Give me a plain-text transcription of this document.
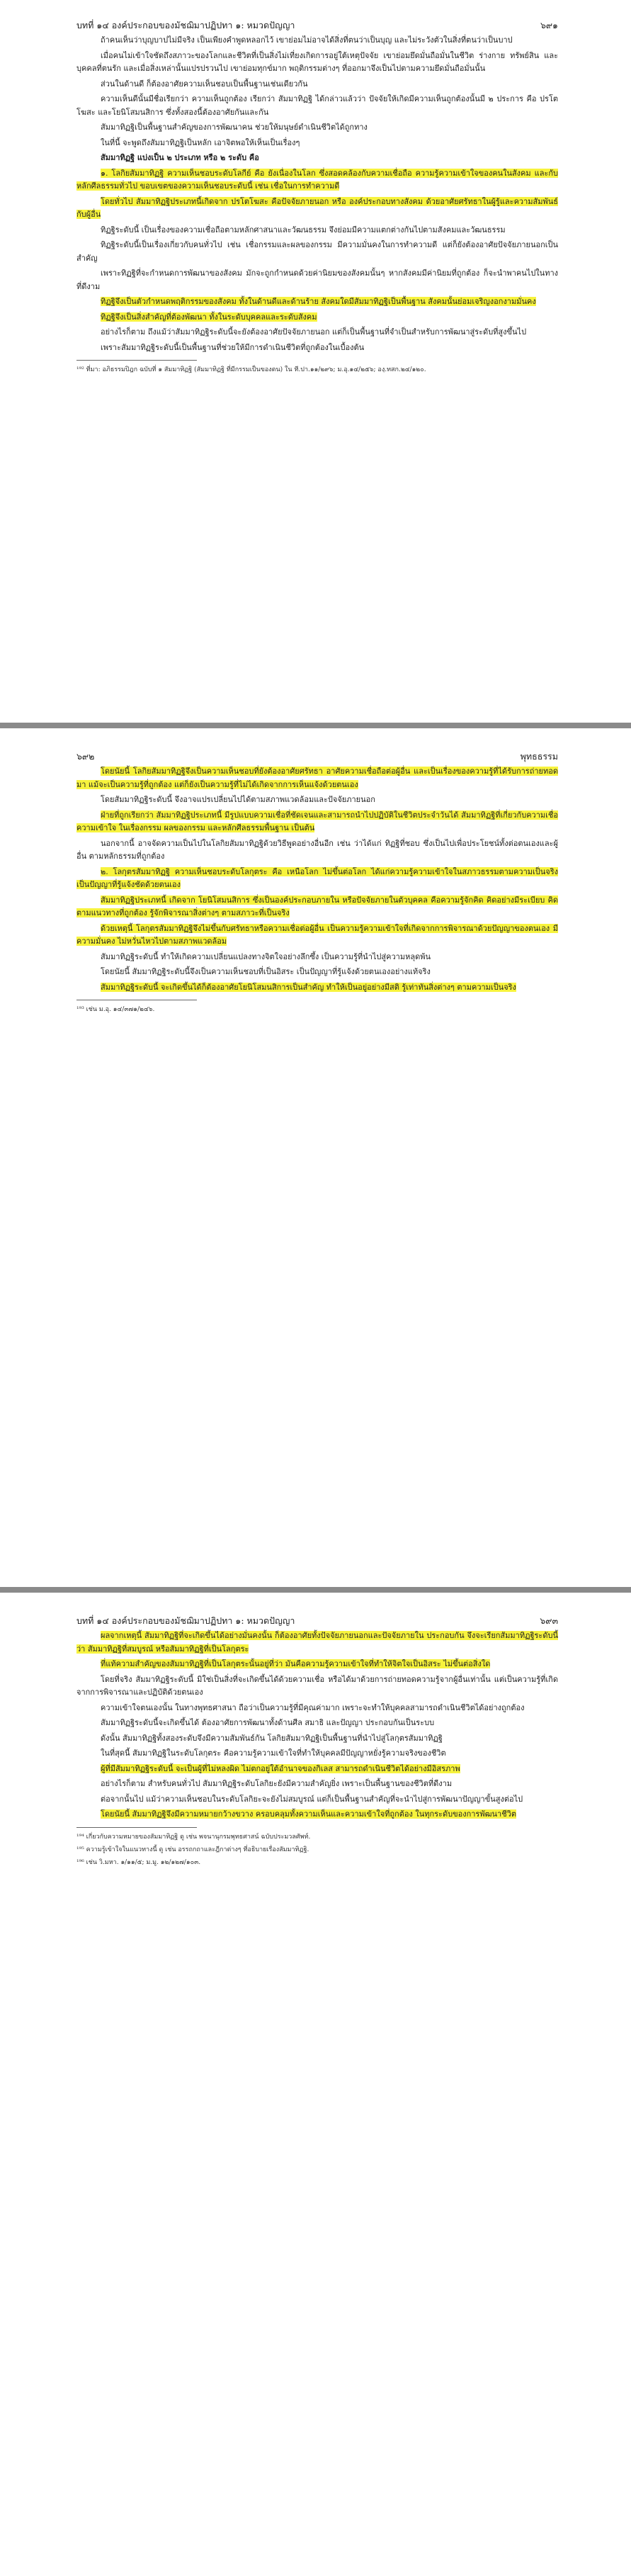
บทที่ ๑๔ องค์ประกอบของมัชฌิมาปฏิปทา ๑: หมวดปัญญา	๖๙๑

ถ้าคนเห็นว่าบุญบาปไม่มีจริง เป็นเพียงคำพูดหลอกไว้ เขาย่อมไม่อาจได้สิ่งที่ตนว่าเป็นบุญ และไม่ระวังตัวในสิ่งที่ตนว่าเป็นบาป

เมื่อคนไม่เข้าใจชัดถึงสภาวะของโลกและชีวิตที่เป็นสิ่งไม่เที่ยงเกิดการอยู่ใต้เหตุปัจจัย เขาย่อมยึดมั่นถือมั่นในชีวิต ร่างกาย ทรัพย์สิน และบุคคลที่ตนรัก และเมื่อสิ่งเหล่านั้นแปรปรวนไป เขาย่อมทุกข์มาก พฤติกรรมต่างๆ ที่ออกมาจึงเป็นไปตามความยึดมั่นถือมั่นนั้น

ส่วนในด้านดี ก็ต้องอาศัยความเห็นชอบเป็นพื้นฐานเช่นเดียวกัน

ความเห็นดีนั้นมีชื่อเรียกว่า ความเห็นถูกต้อง เรียกว่า สัมมาทิฏฐิ ได้กล่าวแล้วว่า ปัจจัยให้เกิดมีความเห็นถูกต้องนั้นมี ๒ ประการ คือ ปรโตโฆสะ และโยนิโสมนสิการ ซึ่งทั้งสองนี้ต้องอาศัยกันและกัน

สัมมาทิฏฐิเป็นพื้นฐานสำคัญของการพัฒนาคน ช่วยให้มนุษย์ดำเนินชีวิตได้ถูกทาง

ในที่นี้ จะพูดถึงสัมมาทิฏฐิเป็นหลัก เอาจิตพอให้เห็นเป็นเรื่องๆ

สัมมาทิฏฐิ แบ่งเป็น ๒ ประเภท หรือ ๒ ระดับ คือ

๑. โลกิยสัมมาทิฏฐิ ความเห็นชอบระดับโลกีย์ คือ ยังเนื่องในโลก ซึ่งสอดคล้องกับความเชื่อถือ ความรู้ความเข้าใจของคนในสังคม และกับหลักศีลธรรมทั่วไป ขอบเขตของความเห็นชอบระดับนี้ เช่น เชื่อในการทำความดี

โดยทั่วไป สัมมาทิฏฐิประเภทนี้เกิดจาก ปรโตโฆสะ คือปัจจัยภายนอก หรือ องค์ประกอบทางสังคม ด้วยอาศัยศรัทธาในผู้รู้และความสัมพันธ์กับผู้อื่น

ทิฏฐิระดับนี้ เป็นเรื่องของความเชื่อถือตามหลักศาสนาและวัฒนธรรม จึงย่อมมีความแตกต่างกันไปตามสังคมและวัฒนธรรม

ทิฏฐิระดับนี้เป็นเรื่องเกี่ยวกับคนทั่วไป เช่น เชื่อกรรมและผลของกรรม มีความมั่นคงในการทำความดี แต่ก็ยังต้องอาศัยปัจจัยภายนอกเป็นสำคัญ

เพราะทิฏฐิที่จะกำหนดการพัฒนาของสังคม มักจะถูกกำหนดด้วยค่านิยมของสังคมนั้นๆ หากสังคมมีค่านิยมที่ถูกต้อง ก็จะนำพาคนไปในทางที่ดีงาม

ทิฏฐิจึงเป็นตัวกำหนดพฤติกรรมของสังคม ทั้งในด้านดีและด้านร้าย สังคมใดมีสัมมาทิฏฐิเป็นพื้นฐาน สังคมนั้นย่อมเจริญงอกงามมั่นคง

ทิฏฐิจึงเป็นสิ่งสำคัญที่ต้องพัฒนา ทั้งในระดับบุคคลและระดับสังคม

อย่างไรก็ตาม ถึงแม้ว่าสัมมาทิฏฐิระดับนี้จะยังต้องอาศัยปัจจัยภายนอก แต่ก็เป็นพื้นฐานที่จำเป็นสำหรับการพัฒนาสู่ระดับที่สูงขึ้นไป

เพราะสัมมาทิฏฐิระดับนี้เป็นพื้นฐานที่ช่วยให้มีการดำเนินชีวิตที่ถูกต้องในเบื้องต้น

¹⁹² ที่มา: อภิธรรมปิฎก ฉบับที่ ๑ สัมมาทิฏฐิ (สัมมาทิฏฐิ ที่มีกรรมเป็นของตน) ใน ที.ปา.๑๑/๒๙๖; ม.อุ.๑๔/๒๕๖; องฺ.ทสก.๒๔/๑๒๐.

๖๙๒	พุทธธรรม

โดยนัยนี้ โลกิยสัมมาทิฏฐิจึงเป็นความเห็นชอบที่ยังต้องอาศัยศรัทธา อาศัยความเชื่อถือต่อผู้อื่น และเป็นเรื่องของความรู้ที่ได้รับการถ่ายทอดมา แม้จะเป็นความรู้ที่ถูกต้อง แต่ก็ยังเป็นความรู้ที่ไม่ได้เกิดจากการเห็นแจ้งด้วยตนเอง

โดยสัมมาทิฏฐิระดับนี้ จึงอาจแปรเปลี่ยนไปได้ตามสภาพแวดล้อมและปัจจัยภายนอก

ฝ่ายที่ถูกเรียกว่า สัมมาทิฏฐิประเภทนี้ มีรูปแบบความเชื่อที่ชัดเจนและสามารถนำไปปฏิบัติในชีวิตประจำวันได้ สัมมาทิฏฐิที่เกี่ยวกับความเชื่อ ความเข้าใจ ในเรื่องกรรม ผลของกรรม และหลักศีลธรรมพื้นฐาน เป็นต้น

นอกจากนี้ อาจจัดความเป็นไปในโลกิยสัมมาทิฏฐิด้วยวิธีพูดอย่างอื่นอีก เช่น ว่าได้แก่ ทิฏฐิที่ชอบ ซึ่งเป็นไปเพื่อประโยชน์ทั้งต่อตนเองและผู้อื่น ตามหลักธรรมที่ถูกต้อง

๒. โลกุตรสัมมาทิฏฐิ ความเห็นชอบระดับโลกุตระ คือ เหนือโลก ไม่ขึ้นต่อโลก ได้แก่ความรู้ความเข้าใจในสภาวธรรมตามความเป็นจริง เป็นปัญญาที่รู้แจ้งชัดด้วยตนเอง

สัมมาทิฏฐิประเภทนี้ เกิดจาก โยนิโสมนสิการ ซึ่งเป็นองค์ประกอบภายใน หรือปัจจัยภายในตัวบุคคล คือความรู้จักคิด คิดอย่างมีระเบียบ คิดตามแนวทางที่ถูกต้อง รู้จักพิจารณาสิ่งต่างๆ ตามสภาวะที่เป็นจริง

ด้วยเหตุนี้ โลกุตรสัมมาทิฏฐิจึงไม่ขึ้นกับศรัทธาหรือความเชื่อต่อผู้อื่น เป็นความรู้ความเข้าใจที่เกิดจากการพิจารณาด้วยปัญญาของตนเอง มีความมั่นคง ไม่หวั่นไหวไปตามสภาพแวดล้อม

สัมมาทิฏฐิระดับนี้ ทำให้เกิดความเปลี่ยนแปลงทางจิตใจอย่างลึกซึ้ง เป็นความรู้ที่นำไปสู่ความหลุดพ้น

โดยนัยนี้ สัมมาทิฏฐิระดับนี้จึงเป็นความเห็นชอบที่เป็นอิสระ เป็นปัญญาที่รู้แจ้งด้วยตนเองอย่างแท้จริง

สัมมาทิฏฐิระดับนี้ จะเกิดขึ้นได้ก็ต้องอาศัยโยนิโสมนสิการเป็นสำคัญ ทำให้เป็นอยู่อย่างมีสติ รู้เท่าทันสิ่งต่างๆ ตามความเป็นจริง

¹⁹³ เช่น ม.อุ. ๑๔/๓๗๑/๒๔๖.

บทที่ ๑๔ องค์ประกอบของมัชฌิมาปฏิปทา ๑: หมวดปัญญา	๖๙๓

ผลจากเหตุนี้ สัมมาทิฏฐิที่จะเกิดขึ้นได้อย่างมั่นคงนั้น ก็ต้องอาศัยทั้งปัจจัยภายนอกและปัจจัยภายใน ประกอบกัน จึงจะเรียกสัมมาทิฏฐิระดับนี้ว่า สัมมาทิฏฐิที่สมบูรณ์ หรือสัมมาทิฏฐิที่เป็นโลกุตระ

ที่แท้ความสำคัญของสัมมาทิฏฐิที่เป็นโลกุตระนั้นอยู่ที่ว่า มันคือความรู้ความเข้าใจที่ทำให้จิตใจเป็นอิสระ ไม่ขึ้นต่อสิ่งใด

โดยที่จริง สัมมาทิฏฐิระดับนี้ มิใช่เป็นสิ่งที่จะเกิดขึ้นได้ด้วยความเชื่อ หรือได้มาด้วยการถ่ายทอดความรู้จากผู้อื่นเท่านั้น แต่เป็นความรู้ที่เกิดจากการพิจารณาและปฏิบัติด้วยตนเอง

ความเข้าใจตนเองนั้น ในทางพุทธศาสนา ถือว่าเป็นความรู้ที่มีคุณค่ามาก เพราะจะทำให้บุคคลสามารถดำเนินชีวิตได้อย่างถูกต้อง

สัมมาทิฏฐิระดับนี้จะเกิดขึ้นได้ ต้องอาศัยการพัฒนาทั้งด้านศีล สมาธิ และปัญญา ประกอบกันเป็นระบบ

ดังนั้น สัมมาทิฏฐิทั้งสองระดับจึงมีความสัมพันธ์กัน โลกิยสัมมาทิฏฐิเป็นพื้นฐานที่นำไปสู่โลกุตรสัมมาทิฏฐิ

ในที่สุดนี้ สัมมาทิฏฐิในระดับโลกุตระ คือความรู้ความเข้าใจที่ทำให้บุคคลมีปัญญาหยั่งรู้ความจริงของชีวิต

ผู้ที่มีสัมมาทิฏฐิระดับนี้ จะเป็นผู้ที่ไม่หลงผิด ไม่ตกอยู่ใต้อำนาจของกิเลส สามารถดำเนินชีวิตได้อย่างมีอิสรภาพ

อย่างไรก็ตาม สำหรับคนทั่วไป สัมมาทิฏฐิระดับโลกิยะยังมีความสำคัญยิ่ง เพราะเป็นพื้นฐานของชีวิตที่ดีงาม

ต่อจากนั้นไป แม้ว่าความเห็นชอบในระดับโลกิยะจะยังไม่สมบูรณ์ แต่ก็เป็นพื้นฐานสำคัญที่จะนำไปสู่การพัฒนาปัญญาขั้นสูงต่อไป

โดยนัยนี้ สัมมาทิฏฐิจึงมีความหมายกว้างขวาง ครอบคลุมทั้งความเห็นและความเข้าใจที่ถูกต้อง ในทุกระดับของการพัฒนาชีวิต

¹⁹⁴ เกี่ยวกับความหมายของสัมมาทิฏฐิ ดู เช่น พจนานุกรมพุทธศาสน์ ฉบับประมวลศัพท์.

¹⁹⁵ ความรู้เข้าใจในแนวทางนี้ ดู เช่น อรรถกถาและฎีกาต่างๆ ที่อธิบายเรื่องสัมมาทิฏฐิ.

¹⁹⁶ เช่น วิ.มหา. ๑/๑๑/๕; ม.มู. ๑๒/๑๒๗/๑๐๓.
